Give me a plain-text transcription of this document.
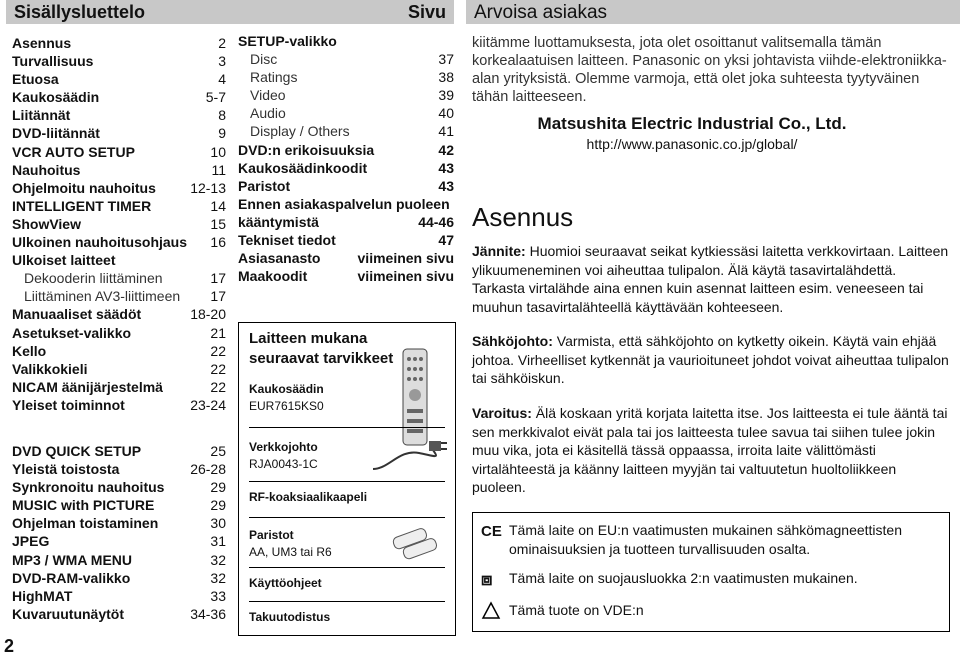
Sisällysluettelo	Sivu Arvoisa asiakas
Asennus	2
Turvallisuus	3
Etuosa	4
Kaukosäädin	5-7
Liitännät	8
DVD-liitännät	9
VCR AUTO SETUP	10
Nauhoitus	11
Ohjelmoitu nauhoitus 12-13
INTELLIGENT TIMER	14
ShowView	15
Ulkoinen nauhoitusohjaus 16
Ulkoiset laitteet
Dekooderin liittäminen	17
Liittäminen AV3-liittimeen 17
Manuaaliset säädöt	18-20
Asetukset-valikko	21
Kello	22
Valikkokieli	22
NICAM äänijärjestelmä	22
Yleiset toiminnot	23-24
DVD QUICK SETUP	25
Yleistä toistosta	26-28
Synkronoitu nauhoitus	29
MUSIC with PICTURE	29
Ohjelman toistaminen	30
JPEG	31
MP3 / WMA MENU	32
DVD-RAM-valikko	32
HighMAT	33
Kuvaruutunäytöt	34-36
SETUP-valikko
Disc	37
Ratings	38
Video	39
Audio	40
Display / Others	41
DVD:n erikoisuuksia	42
Kaukosäädinkoodit	43
Paristot	43
Ennen asiakaspalvelun puoleen
kääntymistä	44-46
Tekniset tiedot	47
Asiasanasto	viimeinen sivu
Maakoodit	viimeinen sivu
Laitteen mukana seuraavat tarvikkeet
Kaukosäädin
EUR7615KS0
Verkkojohto
RJA0043-1C
RF-koaksiaalikaapeli
Paristot
AA, UM3 tai R6
Käyttöohjeet
Takuutodistus
2
kiitämme luottamuksesta, jota olet osoittanut valitsemalla tämän korkealaatuisen laitteen. Panasonic on yksi johtavista viihde-elektroniikka-alan yrityksistä. Olemme varmoja, että olet joka suhteesta tyytyväinen tähän laitteeseen.
Matsushita Electric Industrial Co., Ltd.
http://www.panasonic.co.jp/global/
Asennus
Jännite: Huomioi seuraavat seikat kytkiessäsi laitetta verkkovirtaan. Laitteen ylikuumeneminen voi aiheuttaa tulipalon. Älä käytä tasavirtalähdettä. Tarkasta virtalähde aina ennen kuin asennat laitteen esim. veneeseen tai muuhun tasavirtalähteellä käyttävään kohteeseen.
Sähköjohto: Varmista, että sähköjohto on kytketty oikein. Käytä vain ehjää johtoa. Virheelliset kytkennät ja vaurioituneet johdot voivat aiheuttaa tulipalon tai sähköiskun.
Varoitus: Älä koskaan yritä korjata laitetta itse. Jos laitteesta ei tule ääntä tai sen merkkivalot eivät pala tai jos laitteesta tulee savua tai siihen tulee jokin muu vika, jota ei käsitellä tässä oppaassa, irroita laite välittömästi virtalähteestä ja käänny laitteen myyjän tai valtuutetun huoltoliikkeen puoleen.
CE Tämä laite on EU:n vaatimusten mukainen sähkömagneettisten ominaisuuksien ja tuotteen turvallisuuden osalta.
⧈ Tämä laite on suojausluokka 2:n vaatimusten mukainen.
Tämä tuote on VDE:n
